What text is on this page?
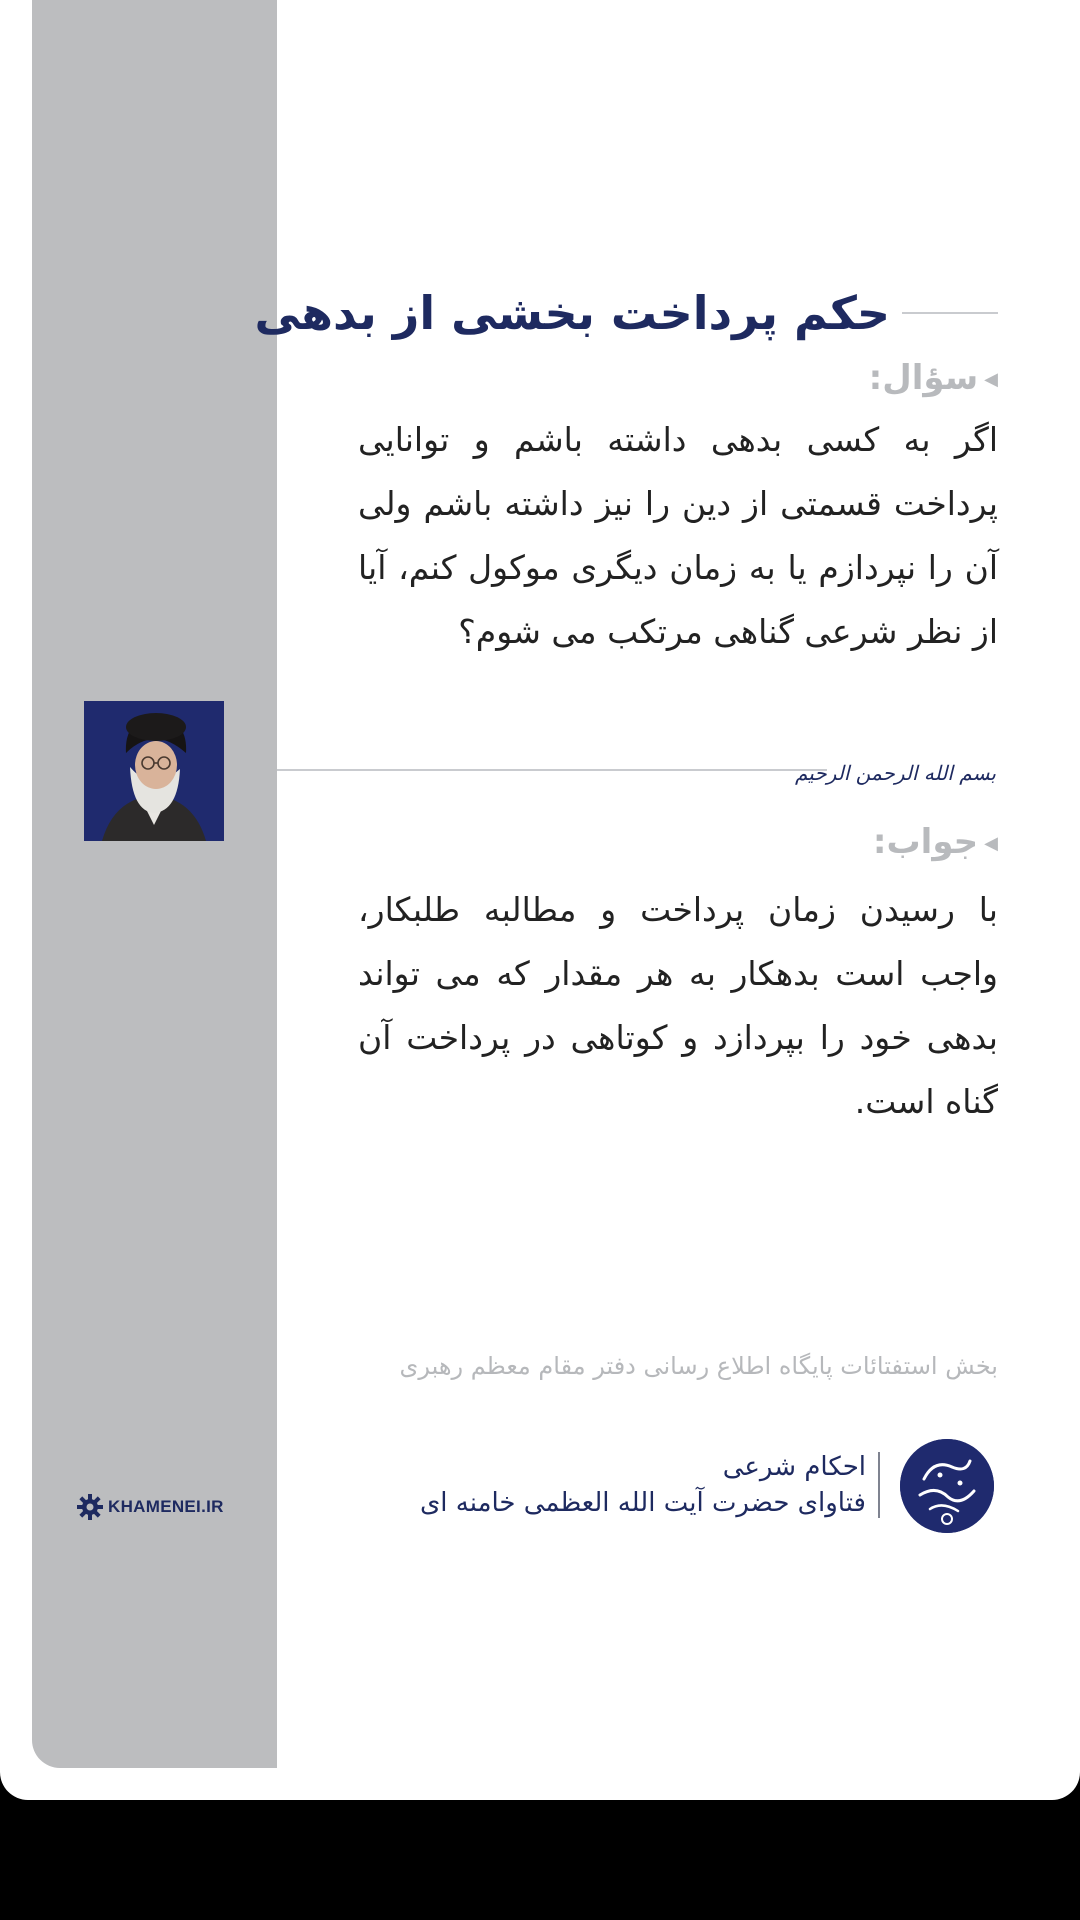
حکم پرداخت بخشی از بدهی
◀سؤال:
اگر به کسی بدهی داشته باشم و توانایی پرداخت قسمتی از دین را نیز داشته باشم ولی آن را نپردازم یا به زمان دیگری موکول کنم، آیا از نظر شرعی گناهی مرتکب می شوم؟
بسم الله الرحمن الرحیم
◀جواب:
با رسیدن زمان پرداخت و مطالبه طلبکار، واجب است بدهکار به هر مقدار که می تواند بدهی خود را بپردازد و کوتاهی در پرداخت آن گناه است.
بخش استفتائات پایگاه اطلاع رسانی دفتر مقام معظم رهبری
احکام شرعی
فتاوای حضرت آیت الله العظمی خامنه ای
KHAMENEI.IR
